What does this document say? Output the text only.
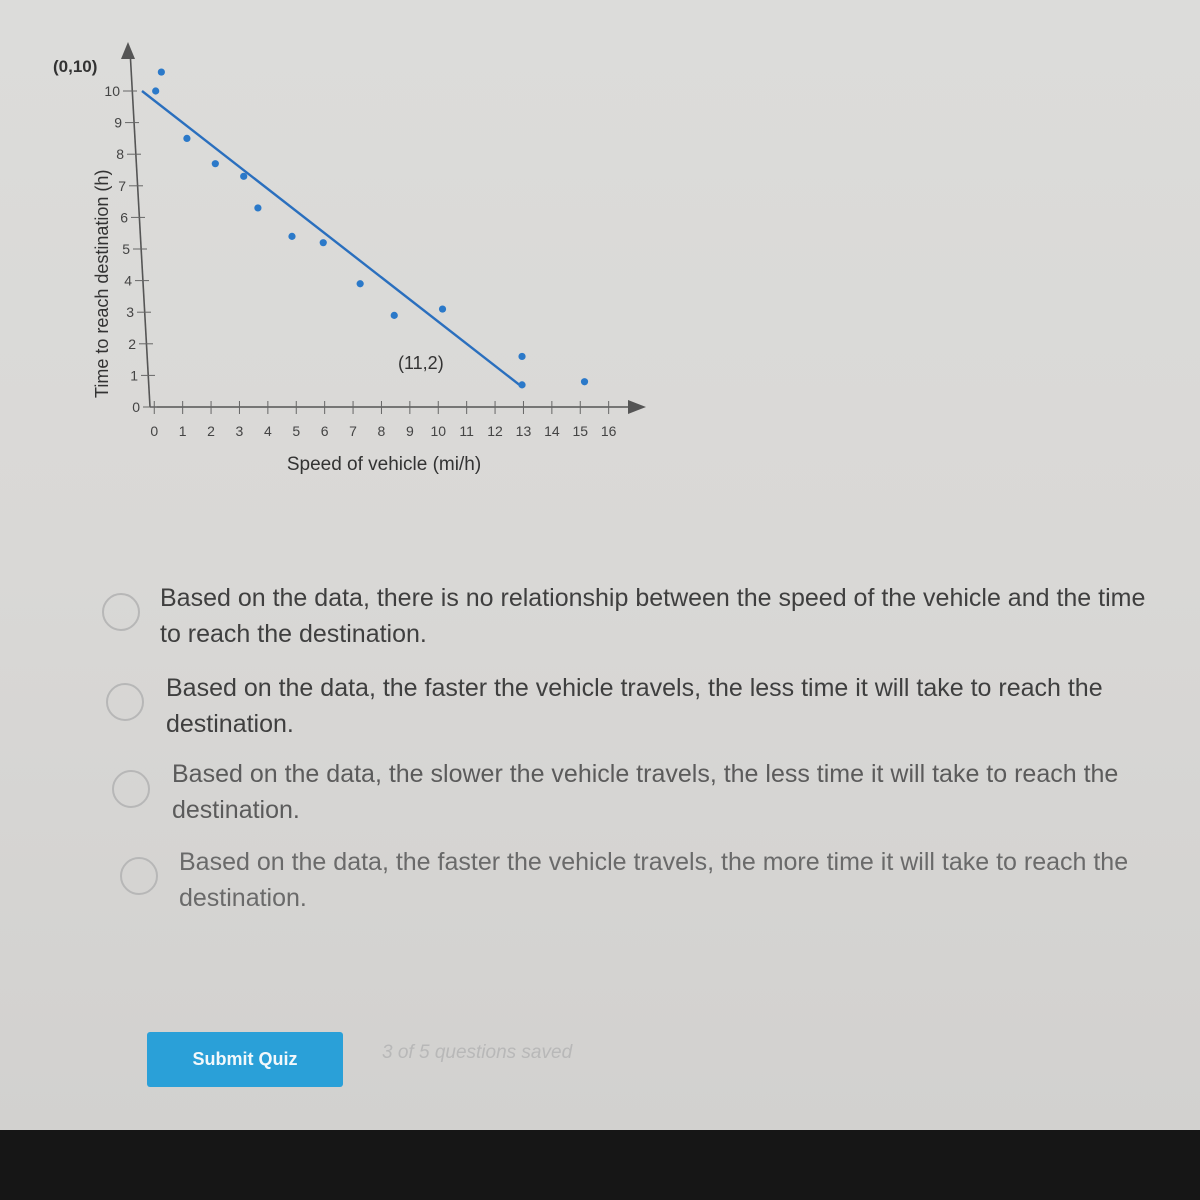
0 1 2 3 4 5 6 7 8 9 10 11 12 13 14 15 16
0
1
2
3
4
5
6
7
8
9
10
(0,10)
(11,2)
Speed of vehicle (mi/h)
Time to reach destination (h)
Based on the data, there is no relationship between the speed of the vehicle and the time to reach the destination.
Based on the data, the faster the vehicle travels, the less time it will take to reach the destination.
Based on the data, the slower the vehicle travels, the less time it will take to reach the destination.
Based on the data, the faster the vehicle travels, the more time it will take to reach the destination.
Submit Quiz	3 of 5 questions saved
